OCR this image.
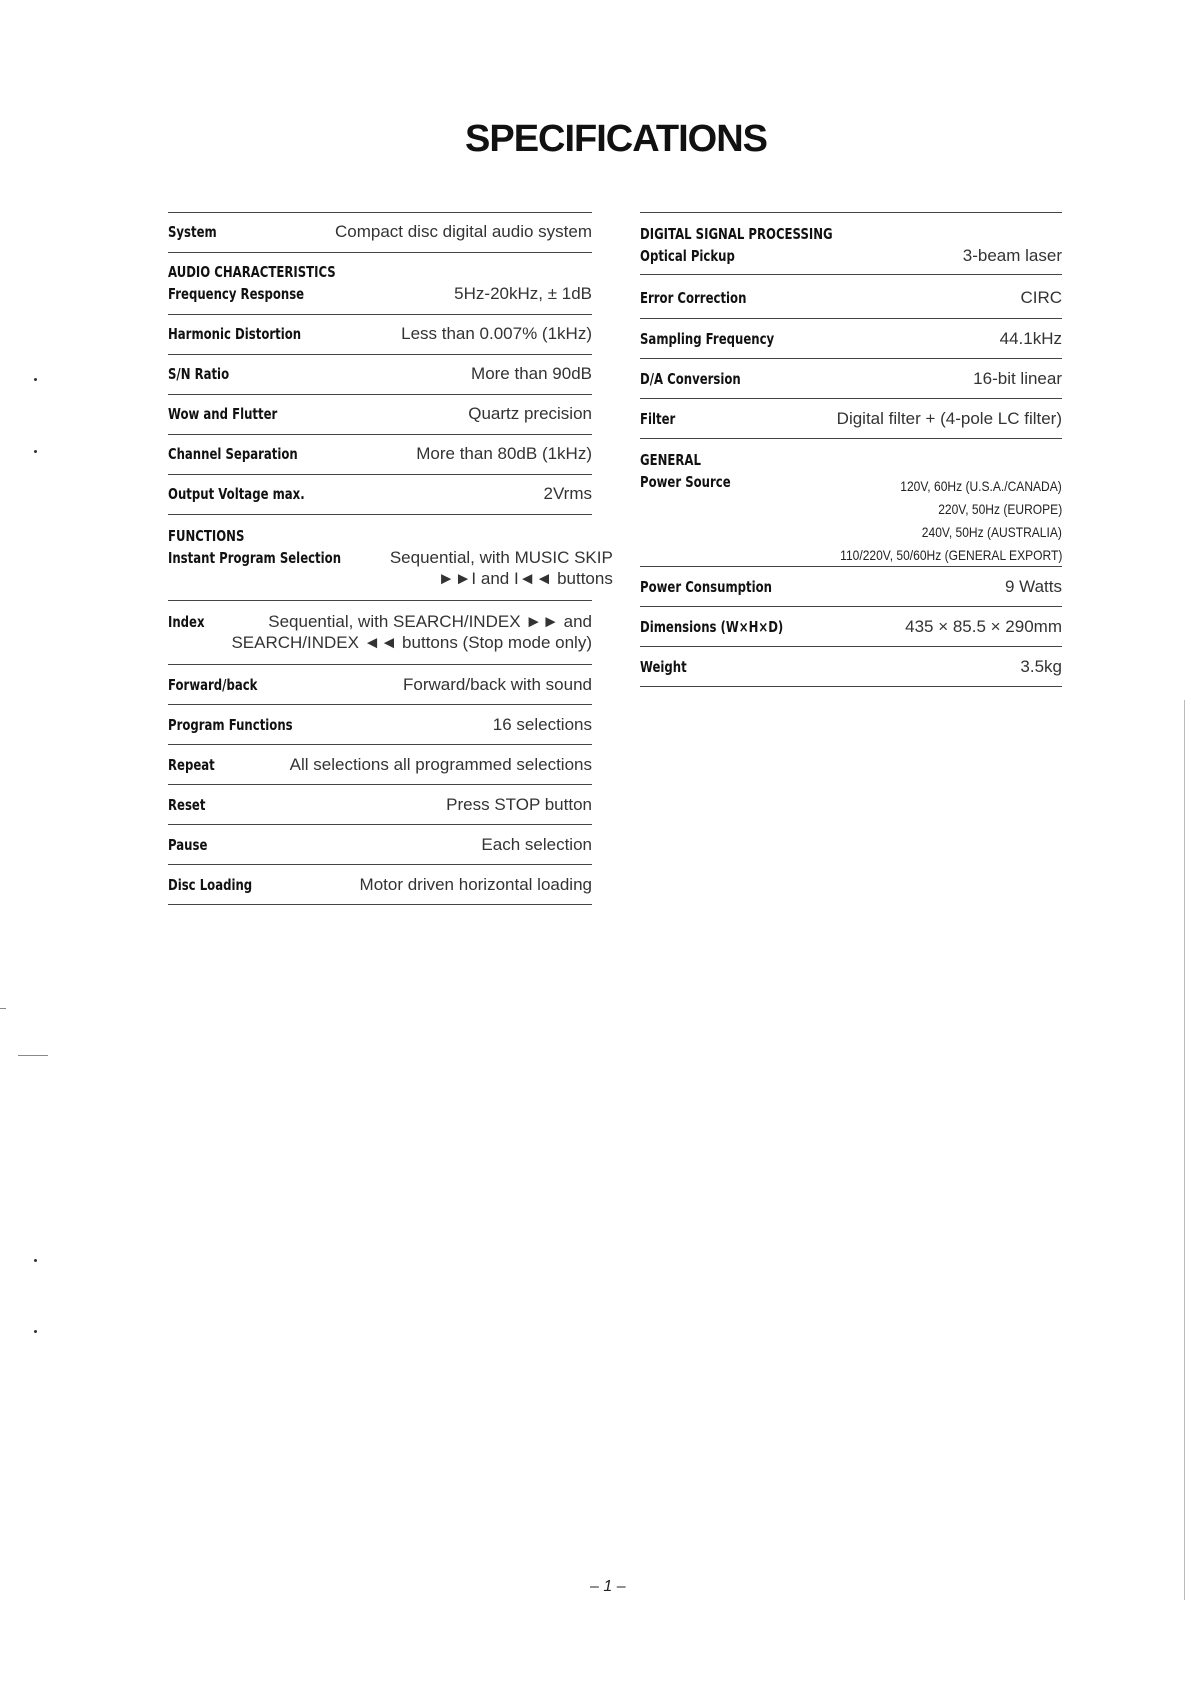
SPECIFICATIONS
System	Compact disc digital audio system
AUDIO CHARACTERISTICS
Frequency Response	5Hz-20kHz, ± 1dB
Harmonic Distortion	Less than 0.007% (1kHz)
S/N Ratio	More than 90dB
Wow and Flutter	Quartz precision
Channel Separation	More than 80dB (1kHz)
Output Voltage max.	2Vrms
FUNCTIONS
Instant Program Selection	Sequential, with MUSIC SKIP
►►I and I◄◄ buttons
Index	Sequential, with SEARCH/INDEX ►► and
SEARCH/INDEX ◄◄ buttons (Stop mode only)
Forward/back	Forward/back with sound
Program Functions	16 selections
Repeat	All selections all programmed selections
Reset	Press STOP button
Pause	Each selection
Disc Loading	Motor driven horizontal loading
DIGITAL SIGNAL PROCESSING
Optical Pickup	3-beam laser
Error Correction	CIRC
Sampling Frequency	44.1kHz
D/A Conversion	16-bit linear
Filter	Digital filter + (4-pole LC filter)
GENERAL
Power Source	120V, 60Hz (U.S.A./CANADA)
220V, 50Hz (EUROPE)
240V, 50Hz (AUSTRALIA)
110/220V, 50/60Hz (GENERAL EXPORT)
Power Consumption	9 Watts
Dimensions (W×H×D)	435 × 85.5 × 290mm
Weight	3.5kg
– 1 –
